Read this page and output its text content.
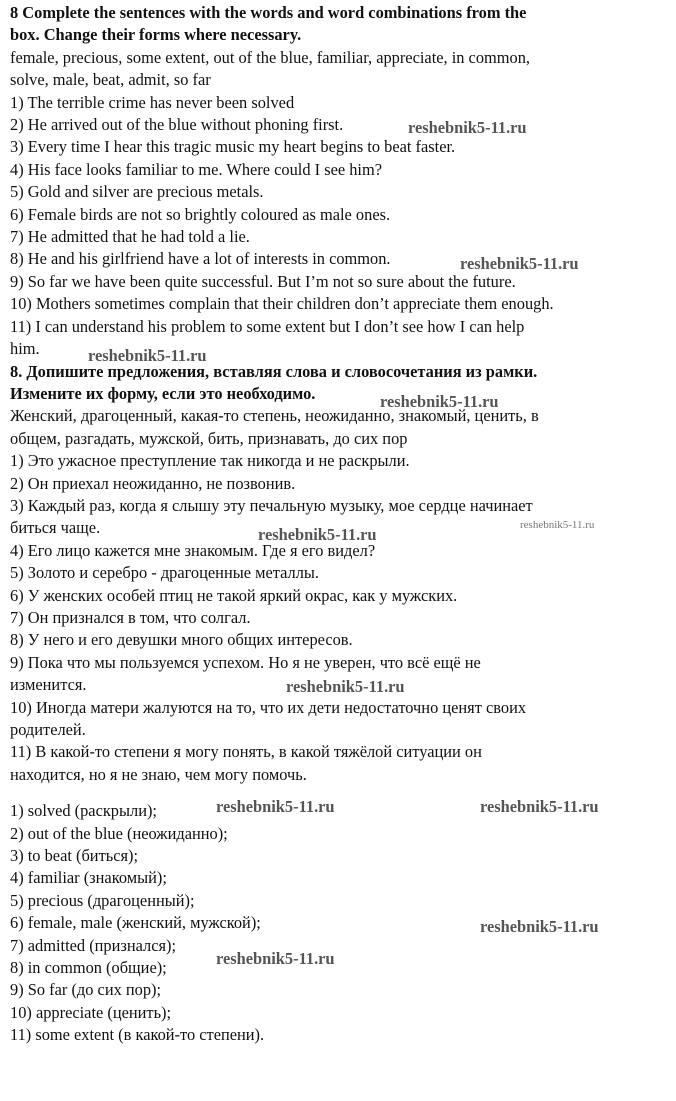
8 Complete the sentences with the words and word combinations from the
box. Change their forms where necessary.
female, precious, some extent, out of the blue, familiar, appreciate, in common,
solve, male, beat, admit, so far
1) The terrible crime has never been solved
2) He arrived out of the blue without phoning first.
3) Every time I hear this tragic music my heart begins to beat faster.
4) His face looks familiar to me. Where could I see him?
5) Gold and silver are precious metals.
6) Female birds are not so brightly coloured as male ones.
7) He admitted that he had told a lie.
8) He and his girlfriend have a lot of interests in common.
9) So far we have been quite successful. But I’m not so sure about the future.
10) Mothers sometimes complain that their children don’t appreciate them enough.
11) I can understand his problem to some extent but I don’t see how I can help
him.
8. Допишите предложения, вставляя слова и словосочетания из рамки.
Измените их форму, если это необходимо.
Женский, драгоценный, какая-то степень, неожиданно, знакомый, ценить, в
общем, разгадать, мужской, бить, признавать, до сих пор
1) Это ужасное преступление так никогда и не раскрыли.
2) Он приехал неожиданно, не позвонив.
3) Каждый раз, когда я слышу эту печальную музыку, мое сердце начинает
биться чаще.
4) Его лицо кажется мне знакомым. Где я его видел?
5) Золото и серебро - драгоценные металлы.
6) У женских особей птиц не такой яркий окрас, как у мужских.
7) Он признался в том, что солгал.
8) У него и его девушки много общих интересов.
9) Пока что мы пользуемся успехом. Но я не уверен, что всё ещё не
изменится.
10) Иногда матери жалуются на то, что их дети недостаточно ценят своих
родителей.
11) В какой-то степени я могу понять, в какой тяжёлой ситуации он
находится, но я не знаю, чем могу помочь.
1) solved (раскрыли);
2) out of the blue (неожиданно);
3) to beat (биться);
4) familiar (знакомый);
5) precious (драгоценный);
6) female, male (женский, мужской);
7) admitted (признался);
8) in common (общие);
9) So far (до сих пор);
10) appreciate (ценить);
11) some extent (в какой-то степени).
reshebnik5-11.ru
reshebnik5-11.ru
reshebnik5-11.ru
reshebnik5-11.ru
reshebnik5-11.ru	reshebnik5-11.ru
reshebnik5-11.ru
reshebnik5-11.ru	reshebnik5-11.ru
reshebnik5-11.ru
reshebnik5-11.ru
